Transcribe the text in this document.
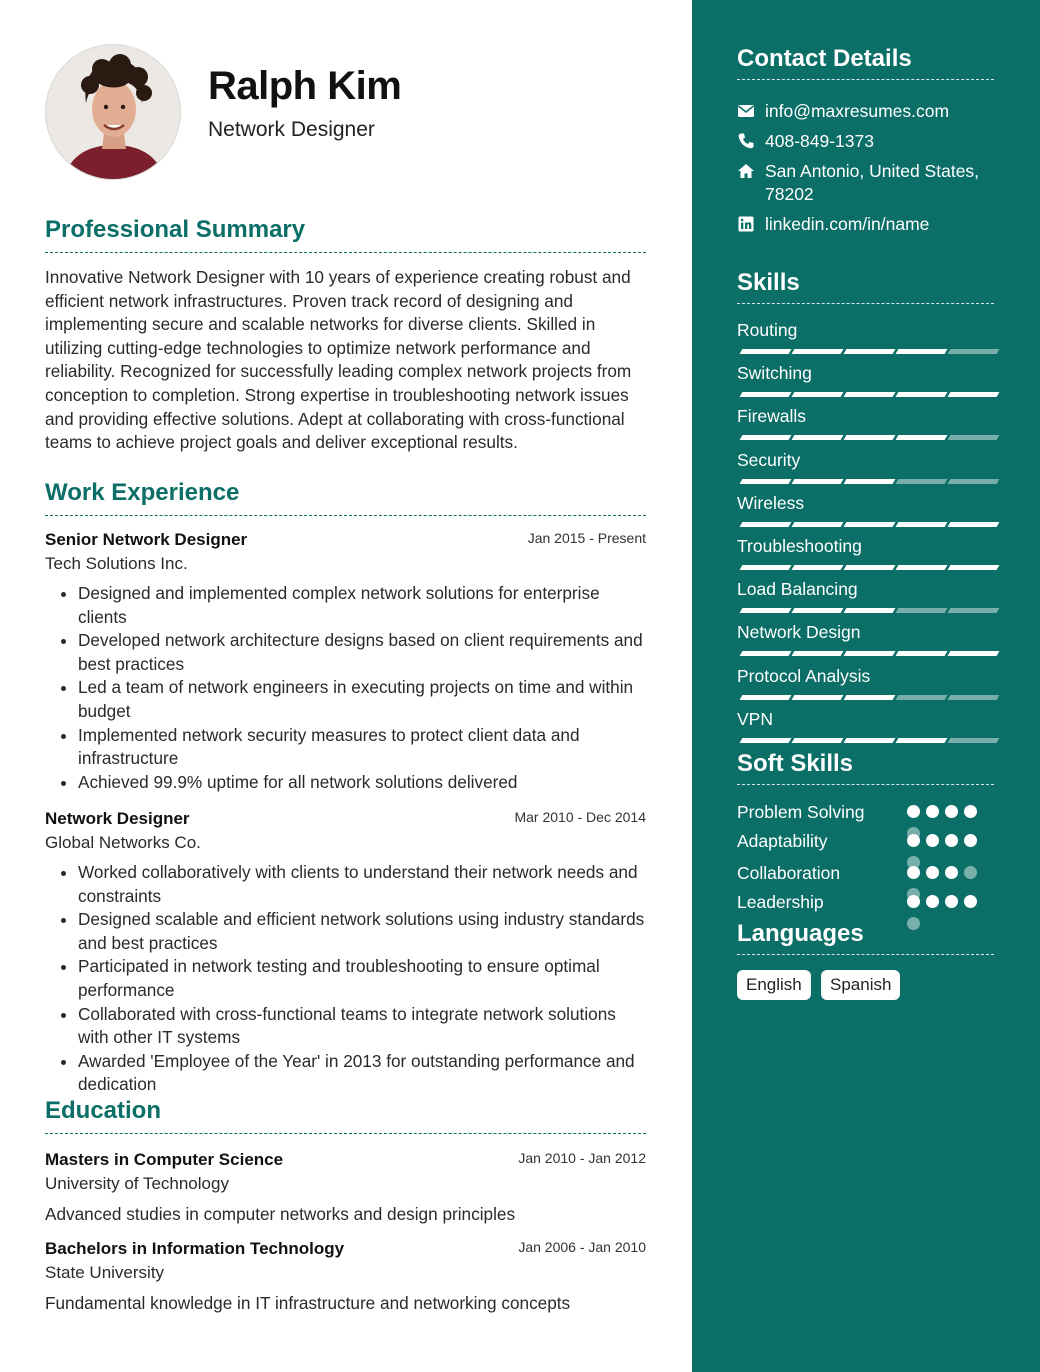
Ralph Kim

Network Designer

Professional Summary

Innovative Network Designer with 10 years of experience creating robust and efficient network infrastructures. Proven track record of designing and implementing secure and scalable networks for diverse clients. Skilled in utilizing cutting-edge technologies to optimize network performance and reliability. Recognized for successfully leading complex network projects from conception to completion. Strong expertise in troubleshooting network issues and providing effective solutions. Adept at collaborating with cross-functional teams to achieve project goals and deliver exceptional results.

Work Experience
Senior Network Designer	Jan 2015 - Present
Tech Solutions Inc.
• Designed and implemented complex network solutions for enterprise clients
• Developed network architecture designs based on client requirements and best practices
• Led a team of network engineers in executing projects on time and within budget
• Implemented network security measures to protect client data and infrastructure
• Achieved 99.9% uptime for all network solutions delivered
Network Designer	Mar 2010 - Dec 2014
Global Networks Co.
• Worked collaboratively with clients to understand their network needs and constraints
• Designed scalable and efficient network solutions using industry standards and best practices
• Participated in network testing and troubleshooting to ensure optimal performance
• Collaborated with cross-functional teams to integrate network solutions with other IT systems
• Awarded 'Employee of the Year' in 2013 for outstanding performance and dedication
Education
Masters in Computer Science	Jan 2010 - Jan 2012
University of Technology
Advanced studies in computer networks and design principles
Bachelors in Information Technology	Jan 2006 - Jan 2010
State University
Fundamental knowledge in IT infrastructure and networking concepts
Contact Details
info@maxresumes.com
408-849-1373
San Antonio, United States,
78202
linkedin.com/in/name
Skills
Routing
Switching
Firewalls
Security
Wireless
Troubleshooting
Load Balancing
Network Design
Protocol Analysis
VPN
Soft Skills
Problem Solving
Adaptability
Collaboration
Leadership
Languages
English	Spanish
